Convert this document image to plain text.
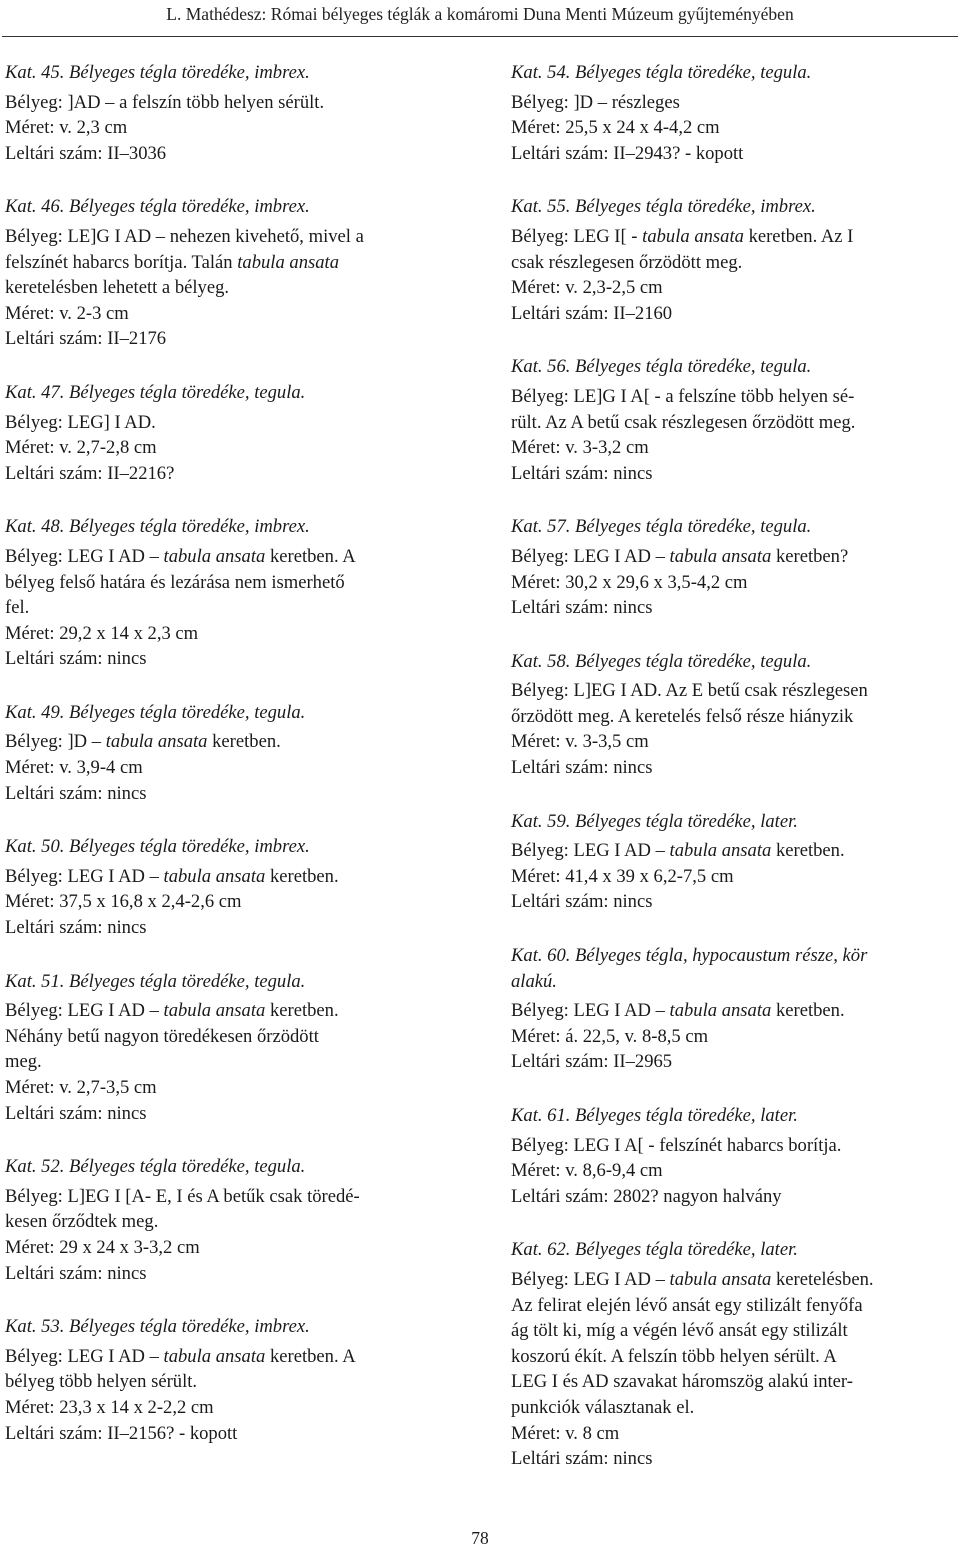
L. Mathédesz: Római bélyeges téglák a komáromi Duna Menti Múzeum gyűjteményében
Kat. 45. Bélyeges tégla töredéke, imbrex.
Bélyeg: ]AD – a felszín több helyen sérült.
Méret: v. 2,3 cm
Leltári szám: II–3036
Kat. 46. Bélyeges tégla töredéke, imbrex.
Bélyeg: LE]G I AD – nehezen kivehető, mivel a
felszínét habarcs borítja. Talán tabula ansata
keretelésben lehetett a bélyeg.
Méret: v. 2-3 cm
Leltári szám: II–2176
Kat. 47. Bélyeges tégla töredéke, tegula.
Bélyeg: LEG] I AD.
Méret: v. 2,7-2,8 cm
Leltári szám: II–2216?
Kat. 48. Bélyeges tégla töredéke, imbrex.
Bélyeg: LEG I AD – tabula ansata keretben. A
bélyeg felső határa és lezárása nem ismerhető
fel.
Méret: 29,2 x 14 x 2,3 cm
Leltári szám: nincs
Kat. 49. Bélyeges tégla töredéke, tegula.
Bélyeg: ]D – tabula ansata keretben.
Méret: v. 3,9-4 cm
Leltári szám: nincs
Kat. 50. Bélyeges tégla töredéke, imbrex.
Bélyeg: LEG I AD – tabula ansata keretben.
Méret: 37,5 x 16,8 x 2,4-2,6 cm
Leltári szám: nincs
Kat. 51. Bélyeges tégla töredéke, tegula.
Bélyeg: LEG I AD – tabula ansata keretben.
Néhány betű nagyon töredékesen őrzödött
meg.
Méret: v. 2,7-3,5 cm
Leltári szám: nincs
Kat. 52. Bélyeges tégla töredéke, tegula.
Bélyeg: L]EG I [A- E, I és A betűk csak töredé-
kesen őrződtek meg.
Méret: 29 x 24 x 3-3,2 cm
Leltári szám: nincs
Kat. 53. Bélyeges tégla töredéke, imbrex.
Bélyeg: LEG I AD – tabula ansata keretben. A
bélyeg több helyen sérült.
Méret: 23,3 x 14 x 2-2,2 cm
Leltári szám: II–2156? - kopott
Kat. 54. Bélyeges tégla töredéke, tegula.
Bélyeg: ]D – részleges
Méret: 25,5 x 24 x 4-4,2 cm
Leltári szám: II–2943? - kopott
Kat. 55. Bélyeges tégla töredéke, imbrex.
Bélyeg: LEG I[ - tabula ansata keretben. Az I
csak részlegesen őrzödött meg.
Méret: v. 2,3-2,5 cm
Leltári szám: II–2160
Kat. 56. Bélyeges tégla töredéke, tegula.
Bélyeg: LE]G I A[ - a felszíne több helyen sé-
rült. Az A betű csak részlegesen őrzödött meg.
Méret: v. 3-3,2 cm
Leltári szám: nincs
Kat. 57. Bélyeges tégla töredéke, tegula.
Bélyeg: LEG I AD – tabula ansata keretben?
Méret: 30,2 x 29,6 x 3,5-4,2 cm
Leltári szám: nincs
Kat. 58. Bélyeges tégla töredéke, tegula.
Bélyeg: L]EG I AD. Az E betű csak részlegesen
őrzödött meg. A keretelés felső része hiányzik
Méret: v. 3-3,5 cm
Leltári szám: nincs
Kat. 59. Bélyeges tégla töredéke, later.
Bélyeg: LEG I AD – tabula ansata keretben.
Méret: 41,4 x 39 x 6,2-7,5 cm
Leltári szám: nincs
Kat. 60. Bélyeges tégla, hypocaustum része, kör
alakú.
Bélyeg: LEG I AD – tabula ansata keretben.
Méret: á. 22,5, v. 8-8,5 cm
Leltári szám: II–2965
Kat. 61. Bélyeges tégla töredéke, later.
Bélyeg: LEG I A[ - felszínét habarcs borítja.
Méret: v. 8,6-9,4 cm
Leltári szám: 2802? nagyon halvány
Kat. 62. Bélyeges tégla töredéke, later.
Bélyeg: LEG I AD – tabula ansata keretelésben.
Az felirat elején lévő ansát egy stilizált fenyőfa
ág tölt ki, míg a végén lévő ansát egy stilizált
koszorú ékít. A felszín több helyen sérült. A
LEG I és AD szavakat háromszög alakú inter-
punkciók választanak el.
Méret: v. 8 cm
Leltári szám: nincs
78
